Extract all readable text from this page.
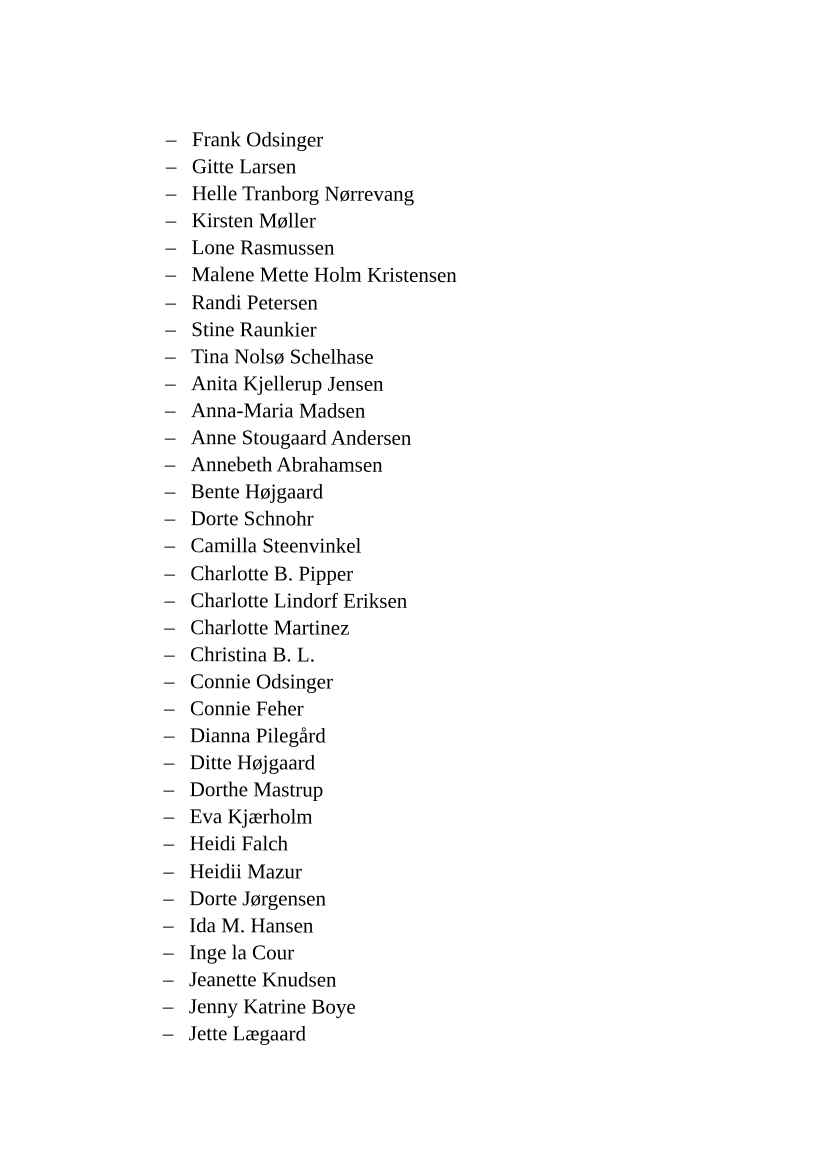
– Frank Odsinger
– Gitte Larsen
– Helle Tranborg Nørrevang
– Kirsten Møller
– Lone Rasmussen
– Malene Mette Holm Kristensen
– Randi Petersen
– Stine Raunkier
– Tina Nolsø Schelhase
– Anita Kjellerup Jensen
– Anna-Maria Madsen
– Anne Stougaard Andersen
– Annebeth Abrahamsen
– Bente Højgaard
– Dorte Schnohr
– Camilla Steenvinkel
– Charlotte B. Pipper
– Charlotte Lindorf Eriksen
– Charlotte Martinez
– Christina B. L.
– Connie Odsinger
– Connie Feher
– Dianna Pilegård
– Ditte Højgaard
– Dorthe Mastrup
– Eva Kjærholm
– Heidi Falch
– Heidii Mazur
– Dorte Jørgensen
– Ida M. Hansen
– Inge la Cour
– Jeanette Knudsen
– Jenny Katrine Boye
– Jette Lægaard
